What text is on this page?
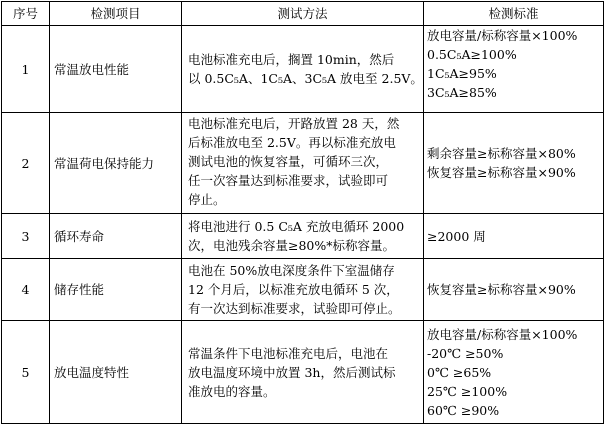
序号	检测项目	测试方法	检测标准
1	常温放电性能	电池标准充电后，搁置 10min，然后
以 0.5C₅A、1C₅A、3C₅A 放电至 2.5V。	放电容量/标称容量×100%
0.5C₅A≥100%
1C₅A≥95%
3C₅A≥85%

2	常温荷电保持能力	电池标准充电后，开路放置 28 天，然
后标准放电至 2.5V。再以标准充放电
测试电池的恢复容量，可循环三次，
任一次容量达到标准要求，试验即可
停止。	剩余容量≥标称容量×80%
恢复容量≥标称容量×90%

3	循环寿命	将电池进行 0.5 C₅A 充放电循环 2000
次，电池残余容量≥80%*标称容量。	≥2000 周

4	储存性能	电池在 50%放电深度条件下室温储存
12 个月后，以标准充放电循环 5 次，
有一次达到标准要求，试验即可停止。	恢复容量≥标称容量×90%

5	放电温度特性	常温条件下电池标准充电后，电池在
放电温度环境中放置 3h，然后测试标
准放电的容量。	放电容量/标称容量×100%
-20℃ ≥50%
0℃ ≥65%
25℃ ≥100%
60℃ ≥90%
